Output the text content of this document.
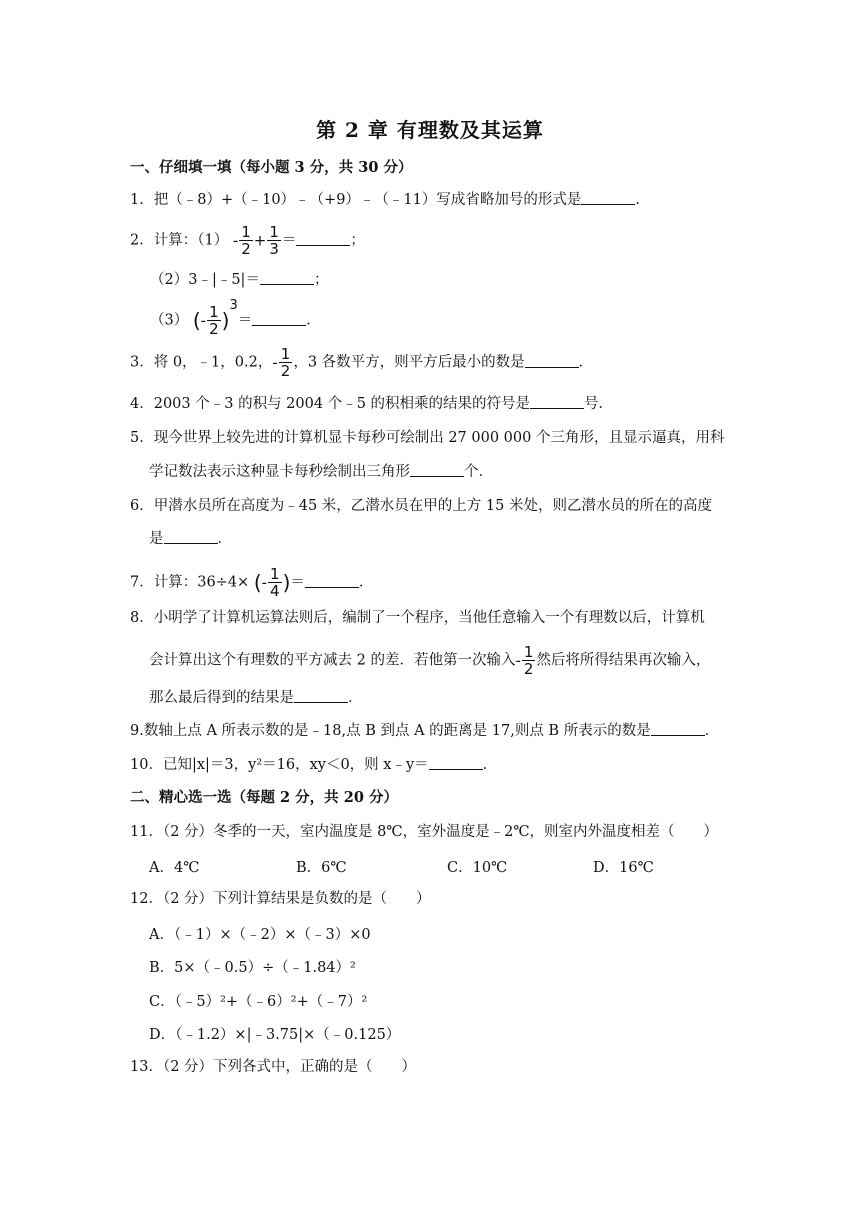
第 2 章 有理数及其运算
一、仔细填一填（每小题 3 分，共 30 分）
1．把（﹣8）+（﹣10）﹣（+9）﹣（﹣11）写成省略加号的形式是	．
2．计算：$(1) - \frac{1}{2} + \frac{1}{3}$ ＝	；
（2）3﹣|﹣5|＝	；
（3） (- $\frac{1}{2} )^3=$	．
3．将 0，﹣1，0.2，- $\frac{1}{2}$ ，3 各数平方，则平方后最小的数是	．
4．2003 个﹣3 的积与 2004 个﹣5 的积相乘的结果的符号是	号．
5．现今世界上较先进的计算机显卡每秒可绘制出 27 000 000 个三角形，且显示逼真，用科
学记数法表示这种显卡每秒绘制出三角形	个．
6．甲潜水员所在高度为﹣45 米，乙潜水员在甲的上方 15 米处，则乙潜水员的所在的高度
是	．
7．计算：36÷4× (- $\frac{1}{4}$ )＝	．
8．小明学了计算机运算法则后，编制了一个程序，当他任意输入一个有理数以后，计算机
会计算出这个有理数的平方减去 2 的差．若他第一次输入- $\frac{1}{2}$ 然后将所得结果再次输入，
那么最后得到的结果是	．
9.数轴上点 A 所表示数的是﹣18,点 B 到点 A 的距离是 17,则点 B 所表示的数是	．
10．已知|x|＝3，y²＝16，xy＜0，则 x﹣y＝	．
二、精心选一选（每题 2 分，共 20 分）
11．（2 分）冬季的一天，室内温度是 8℃，室外温度是﹣2℃，则室内外温度相差（　　）
A．4℃	B．6℃	C．10℃	D．16℃
12．（2 分）下列计算结果是负数的是（　　）
A．（﹣1）×（﹣2）×（﹣3）×0
B．5×（﹣0.5）÷（﹣1.84）²
C．（﹣5）²+（﹣6）²+（﹣7）²
D．（﹣1.2）×|﹣3.75|×（﹣0.125）
13．（2 分）下列各式中，正确的是（　　）
